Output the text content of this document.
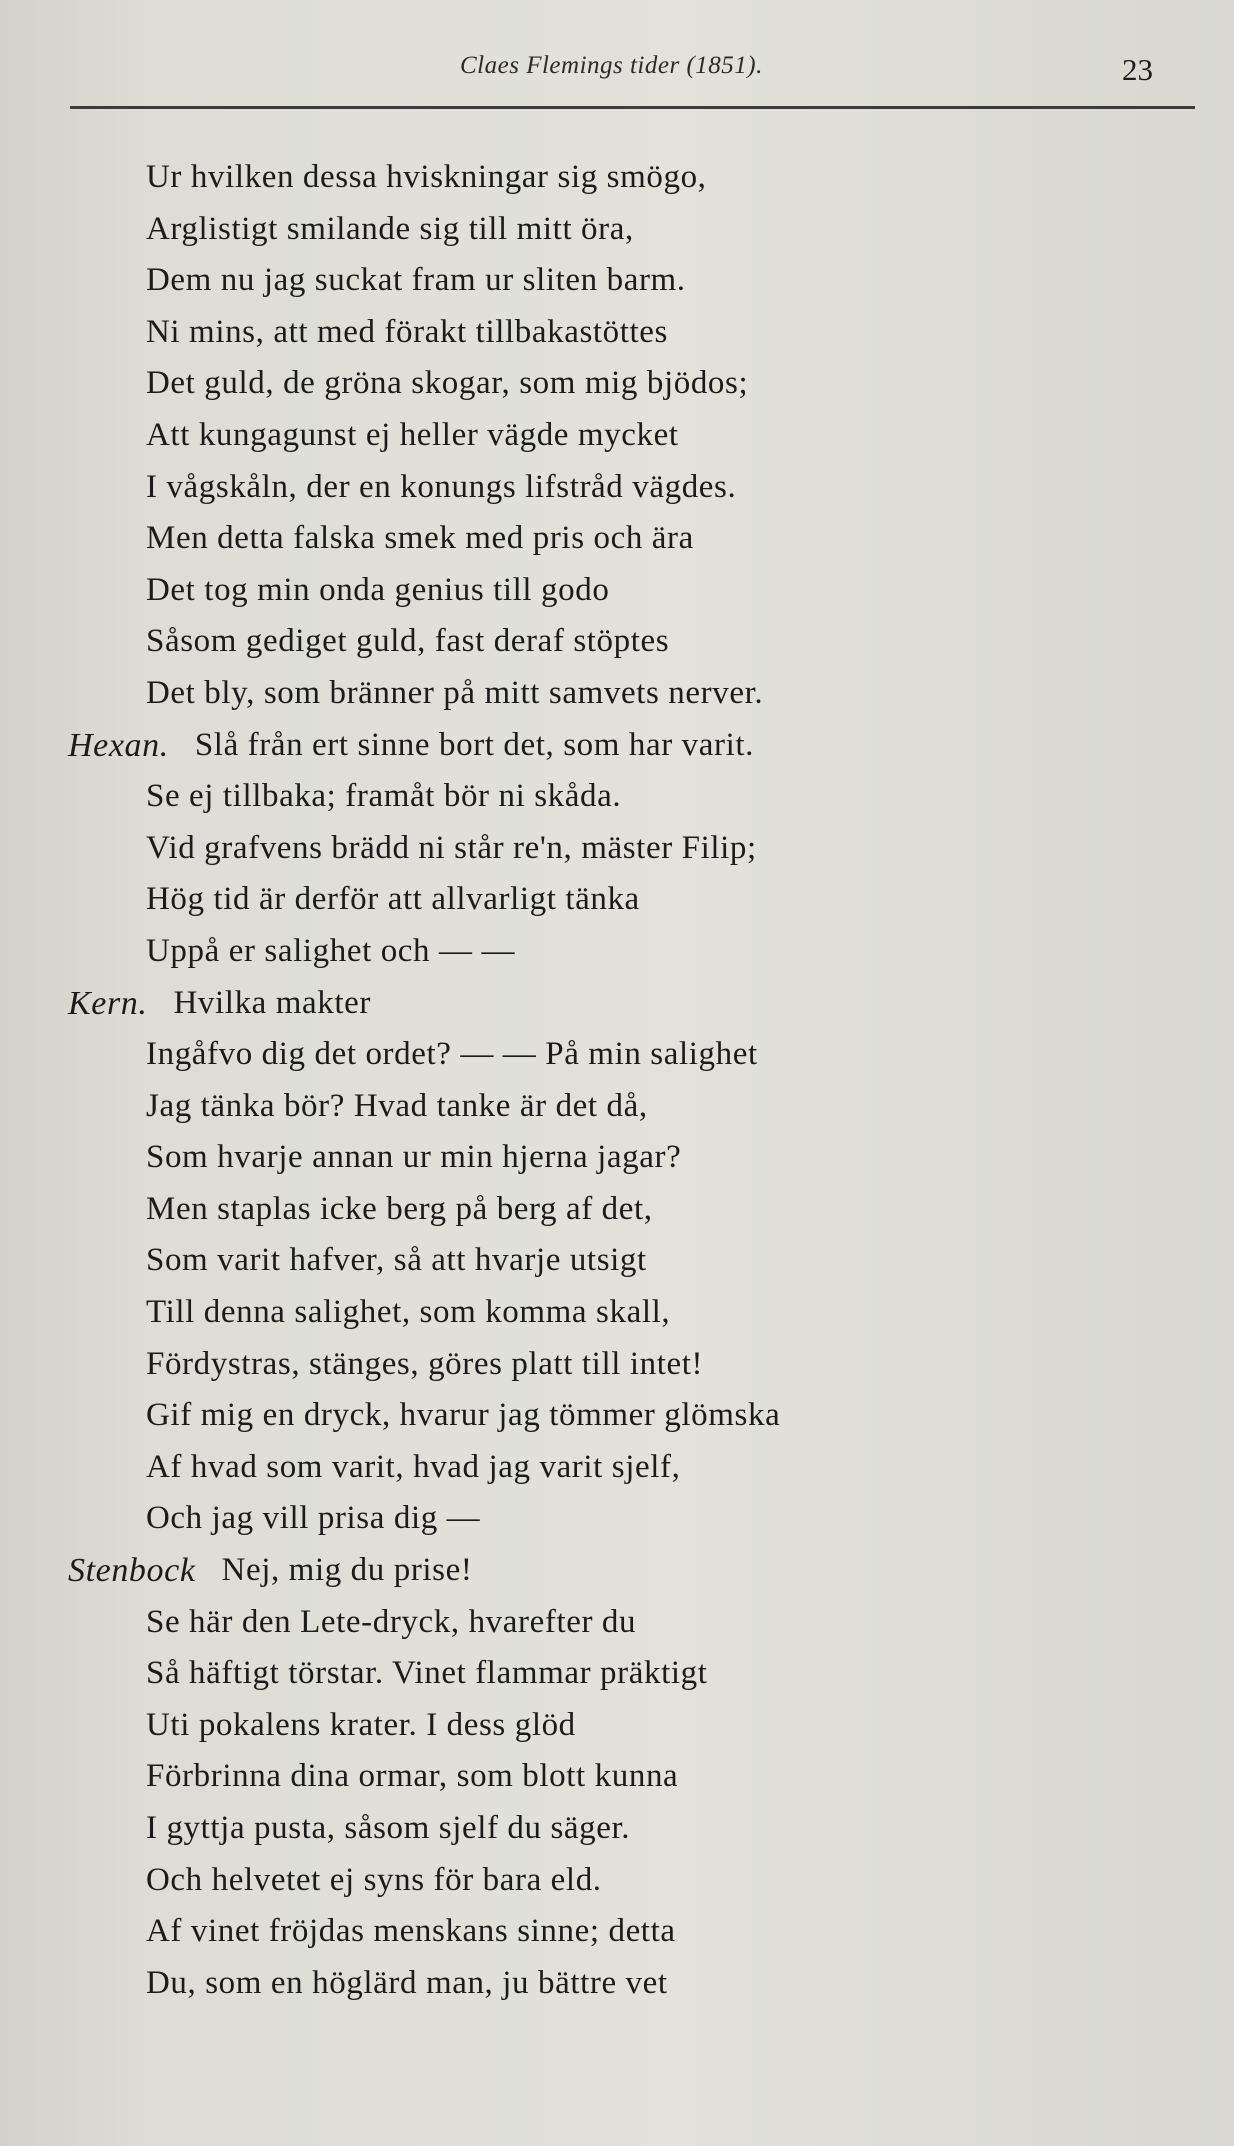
Claes Flemings tider (1851).	23
Ur hvilken dessa hviskningar sig smögo,
Arglistigt smilande sig till mitt öra,
Dem nu jag suckat fram ur sliten barm.
Ni mins, att med förakt tillbakastöttes
Det guld, de gröna skogar, som mig bjödos;
Att kungagunst ej heller vägde mycket
I vågskåln, der en konungs lifstråd vägdes.
Men detta falska smek med pris och ära
Det tog min onda genius till godo
Såsom gediget guld, fast deraf stöptes
Det bly, som bränner på mitt samvets nerver.
Hexan. Slå från ert sinne bort det, som har varit.
Se ej tillbaka; framåt bör ni skåda.
Vid grafvens brädd ni står re'n, mäster Filip;
Hög tid är derför att allvarligt tänka
Uppå er salighet och — —
Kern. Hvilka makter
Ingåfvo dig det ordet? — — På min salighet
Jag tänka bör? Hvad tanke är det då,
Som hvarje annan ur min hjerna jagar?
Men staplas icke berg på berg af det,
Som varit hafver, så att hvarje utsigt
Till denna salighet, som komma skall,
Fördystras, stänges, göres platt till intet!
Gif mig en dryck, hvarur jag tömmer glömska
Af hvad som varit, hvad jag varit sjelf,
Och jag vill prisa dig —
Stenbock Nej, mig du prise!
Se här den Lete-dryck, hvarefter du
Så häftigt törstar. Vinet flammar präktigt
Uti pokalens krater. I dess glöd
Förbrinna dina ormar, som blott kunna
I gyttja pusta, såsom sjelf du säger.
Och helvetet ej syns för bara eld.
Af vinet fröjdas menskans sinne; detta
Du, som en höglärd man, ju bättre vet
